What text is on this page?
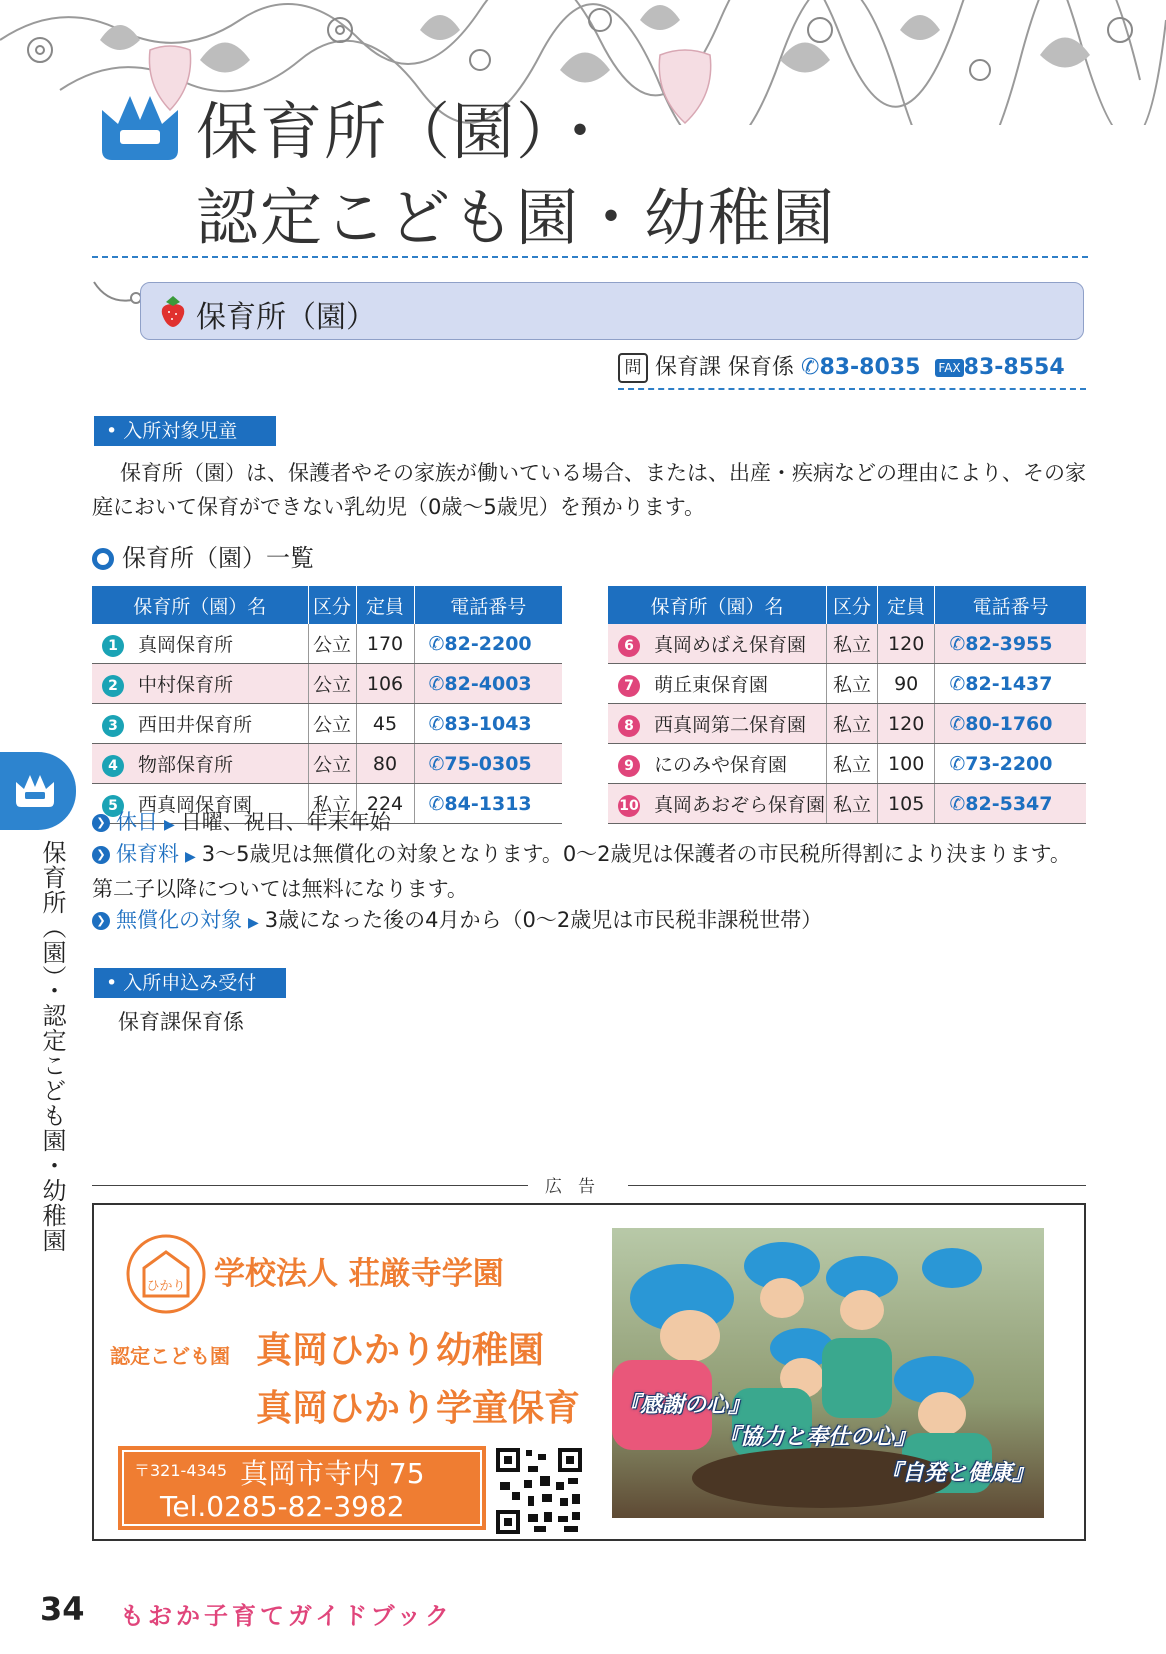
保育所（園）・
認定こども園・幼稚園
保育所（園）
問 保育課 保育係 ✆83-8035 FAX 83-8554
• 入所対象児童
保育所（園）は、保護者やその家族が働いている場合、または、出産・疾病などの理由により、その家庭において保育ができない乳幼児（0歳〜5歳児）を預かります。
保育所（園）一覧
保育所（園）名	区分	定員	電話番号
1 真岡保育所	公立	170	✆82-2200
2 中村保育所	公立	106	✆82-4003
3 西田井保育所	公立	45	✆83-1043
4 物部保育所	公立	80	✆75-0305
5 西真岡保育園	私立	224	✆84-1313
保育所（園）名	区分	定員	電話番号
6 真岡めばえ保育園	私立	120	✆82-3955
7 萌丘東保育園	私立	90	✆82-1437
8 西真岡第二保育園	私立	120	✆80-1760
9 にのみや保育園	私立	100	✆73-2200
10 真岡あおぞら保育園	私立	105	✆82-5347
❯ 休日 ▶ 日曜、祝日、年末年始
❯ 保育料 ▶ 3〜5歳児は無償化の対象となります。0〜2歳児は保護者の市民税所得割により決まります。第二子以降については無料になります。
❯ 無償化の対象 ▶ 3歳になった後の4月から（0〜2歳児は市民税非課税世帯）
• 入所申込み受付
保育課保育係
保育所（園）・認定こども園・幼稚園	広告
ひかり 学校法人 荘厳寺学園
認定こども園 真岡ひかり幼稚園
真岡ひかり学童保育
〒321-4345 真岡市寺内 75
Tel.0285-82-3982
『感謝の心』
『協力と奉仕の心』
『自発と健康』
34 もおか子育てガイドブック
